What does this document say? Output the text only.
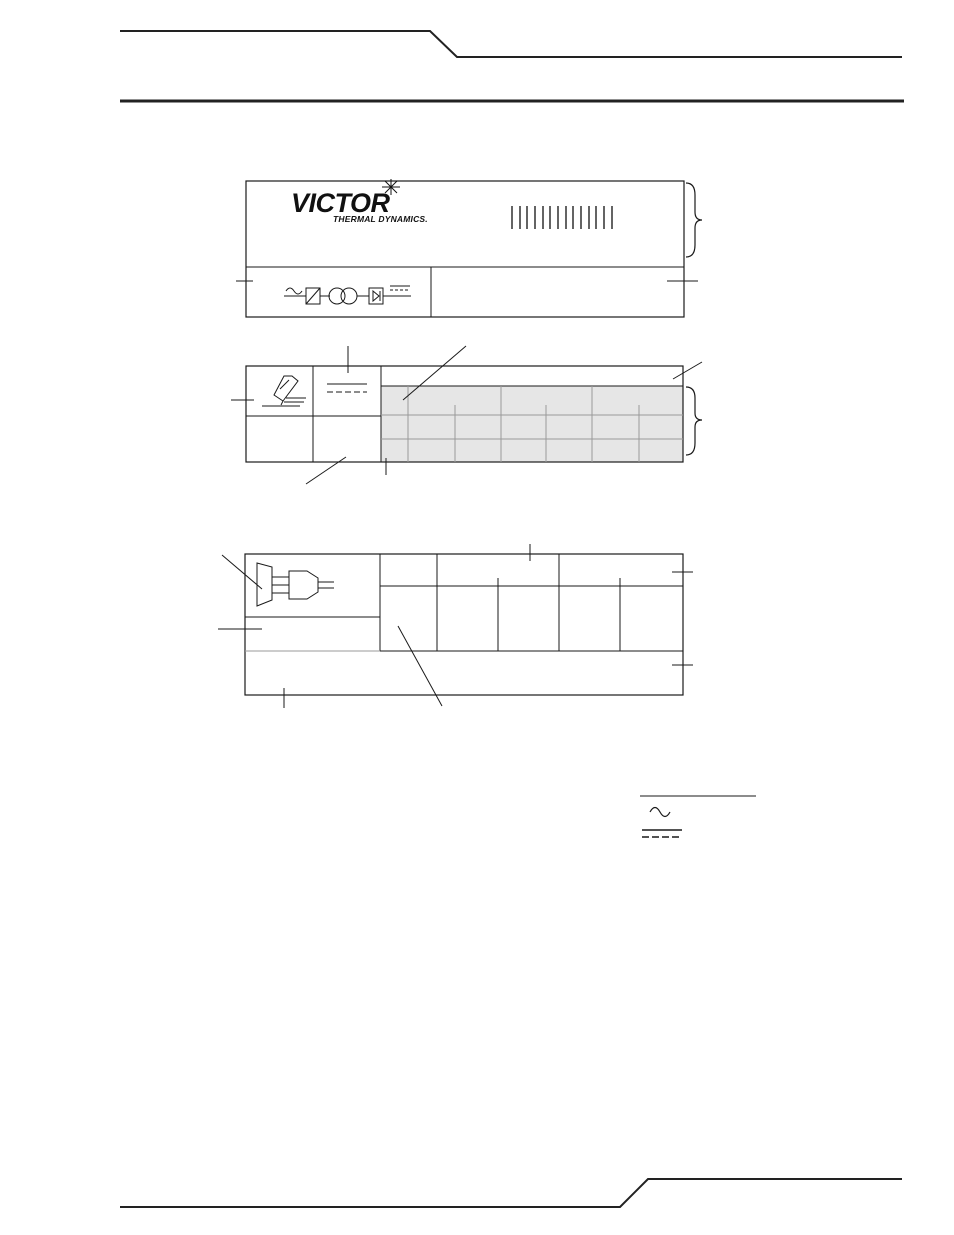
VICTOR
THERMAL DYNAMICS.
